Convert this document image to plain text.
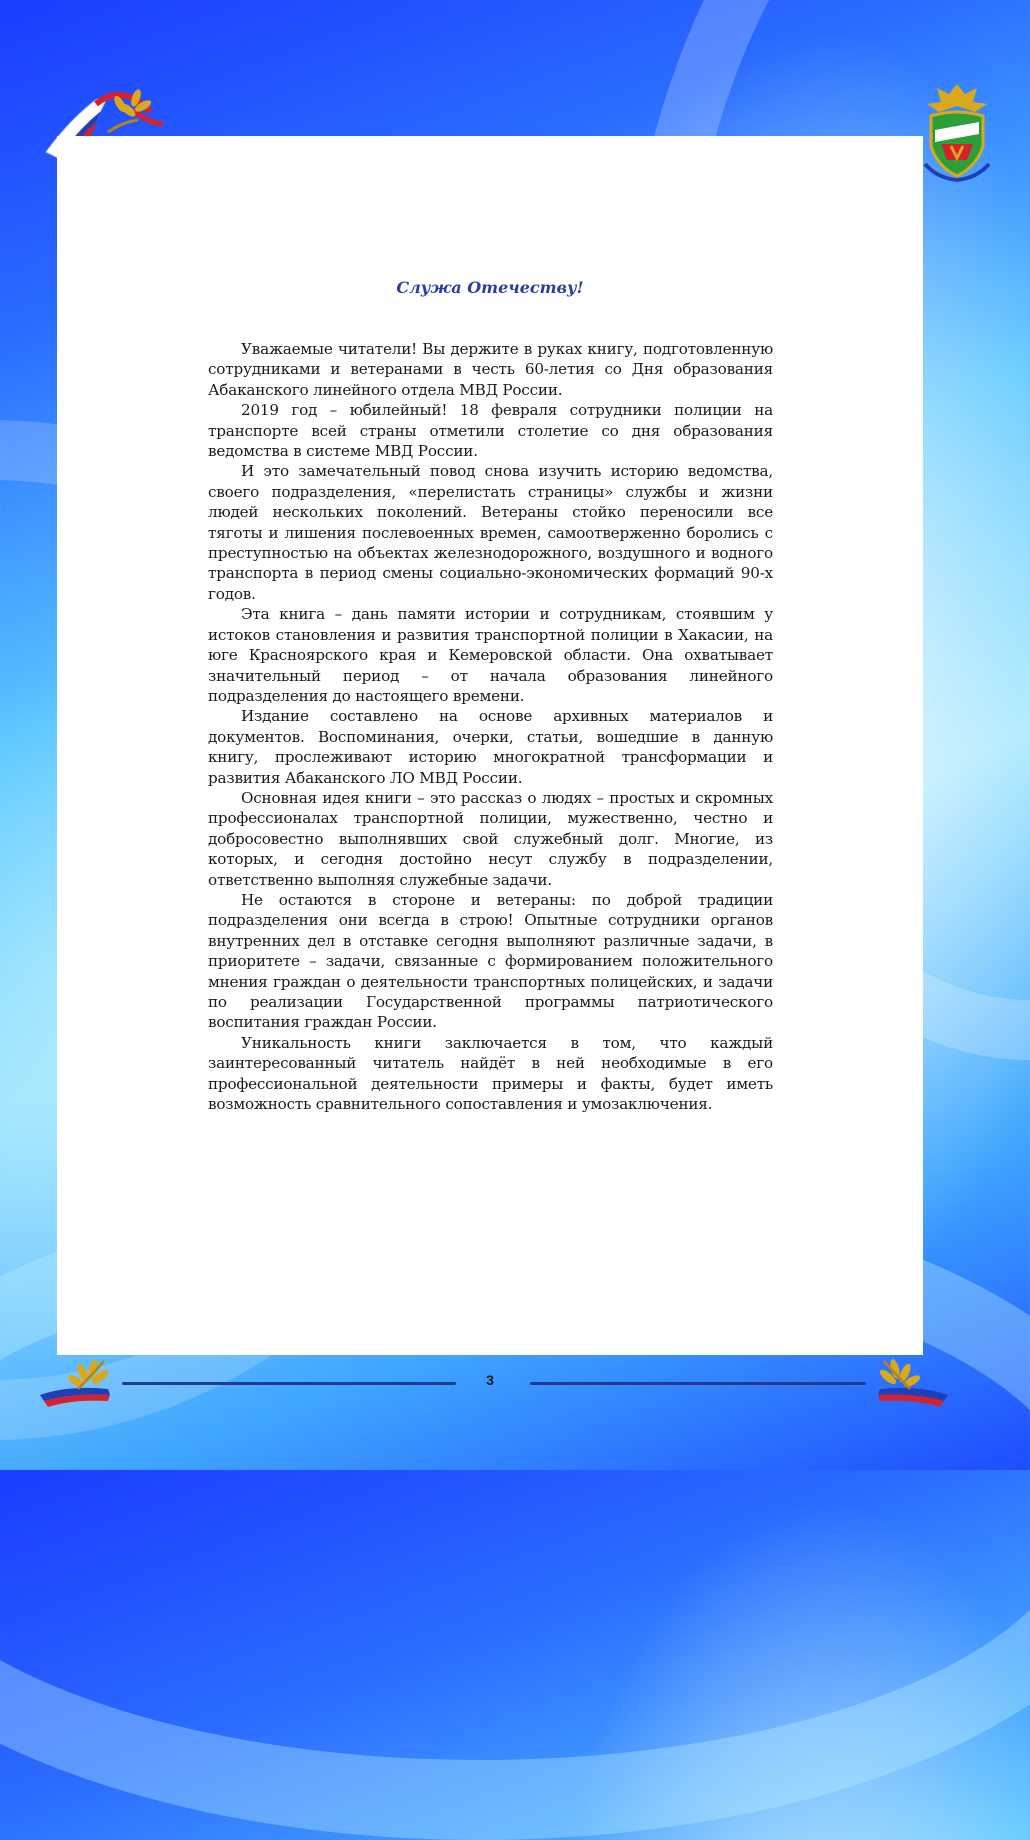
Служа Отечеству!

Уважаемые читатели! Вы держите в руках книгу, подготовленную сотрудниками и ветеранами в честь 60-летия со Дня образования Абаканского линейного отдела МВД России.

2019 год – юбилейный! 18 февраля сотрудники полиции на транспорте всей страны отметили столетие со дня образования ведомства в системе МВД России.

И это замечательный повод снова изучить историю ведомства, своего подразделения, «перелистать страницы» службы и жизни людей нескольких поколений. Ветераны стойко переносили все тяготы и лишения послевоенных времен, самоотверженно боролись с преступностью на объектах железнодорожного, воздушного и водного транспорта в период смены социально-экономических формаций 90-х годов.

Эта книга – дань памяти истории и сотрудникам, стоявшим у истоков становления и развития транспортной полиции в Хакасии, на юге Красноярского края и Кемеровской области. Она охватывает значительный период – от начала образования линейного подразделения до настоящего времени.

Издание составлено на основе архивных материалов и документов. Воспоминания, очерки, статьи, вошедшие в данную книгу, прослеживают историю многократной трансформации и развития Абаканского ЛО МВД России.

Основная идея книги – это рассказ о людях – простых и скромных профессионалах транспортной полиции, мужественно, честно и добросовестно выполнявших свой служебный долг. Многие, из которых, и сегодня достойно несут службу в подразделении, ответственно выполняя служебные задачи.

Не остаются в стороне и ветераны: по доброй традиции подразделения они всегда в строю! Опытные сотрудники органов внутренних дел в отставке сегодня выполняют различные задачи, в приоритете – задачи, связанные с формированием положительного мнения граждан о деятельности транспортных полицейских, и задачи по реализации Государственной программы патриотического воспитания граждан России.

Уникальность книги заключается в том, что каждый заинтересованный читатель найдёт в ней необходимые в его профессиональной деятельности примеры и факты, будет иметь возможность сравнительного сопоставления и умозаключения.

3
